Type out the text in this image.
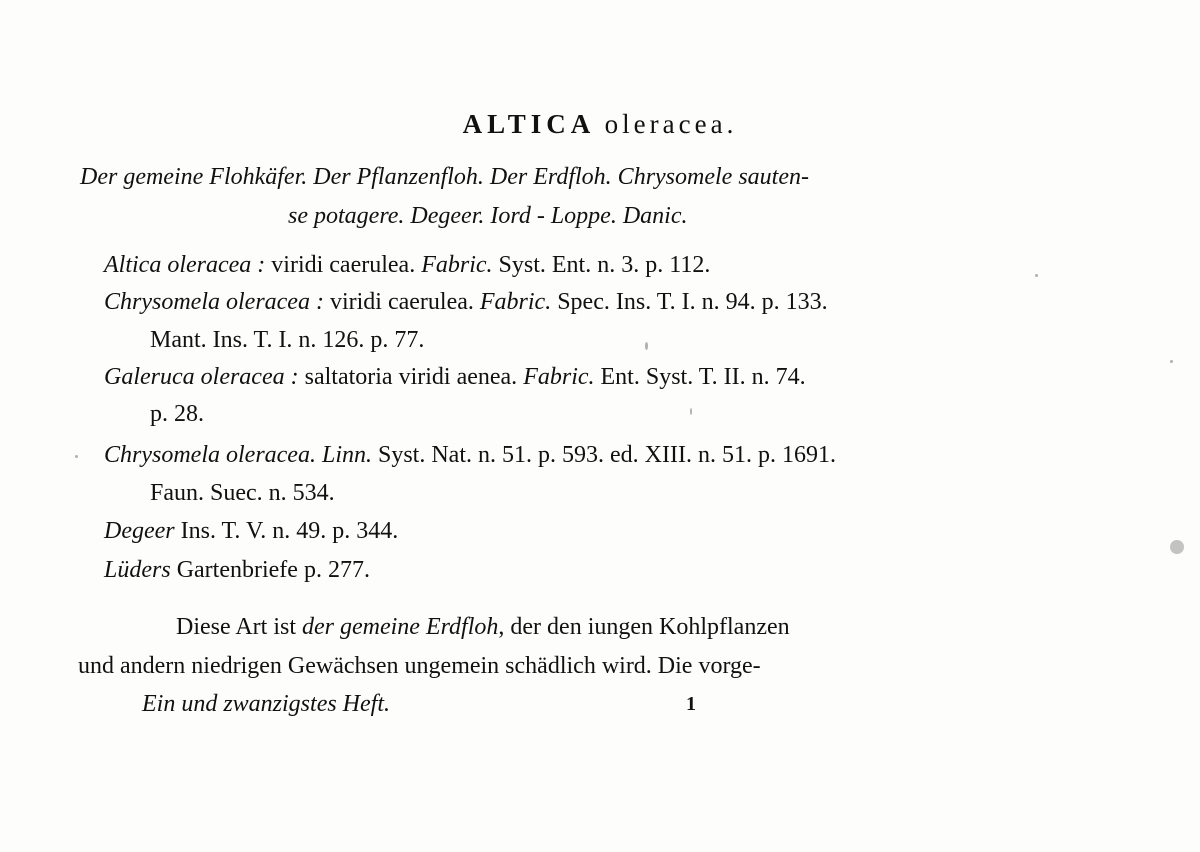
ALTICA oleracea.
Der gemeine Flohkäfer. Der Pflanzenfloh. Der Erdfloh. Chrysomele sauten-
se potagere. Degeer. Iord - Loppe. Danic.
Altica oleracea : viridi caerulea. Fabric. Syst. Ent. n. 3. p. 112.
Chrysomela oleracea : viridi caerulea. Fabric. Spec. Ins. T. I. n. 94. p. 133.
Mant. Ins. T. I. n. 126. p. 77.
Galeruca oleracea : saltatoria viridi aenea. Fabric. Ent. Syst. T. II. n. 74.
p. 28.
Chrysomela oleracea. Linn. Syst. Nat. n. 51. p. 593. ed. XIII. n. 51. p. 1691.
Faun. Suec. n. 534.
Degeer Ins. T. V. n. 49. p. 344.
Lüders Gartenbriefe p. 277.
Diese Art ist der gemeine Erdfloh, der den iungen Kohlpflanzen
und andern niedrigen Gewächsen ungemein schädlich wird. Die vorge-
Ein und zwanzigstes Heft.	1
